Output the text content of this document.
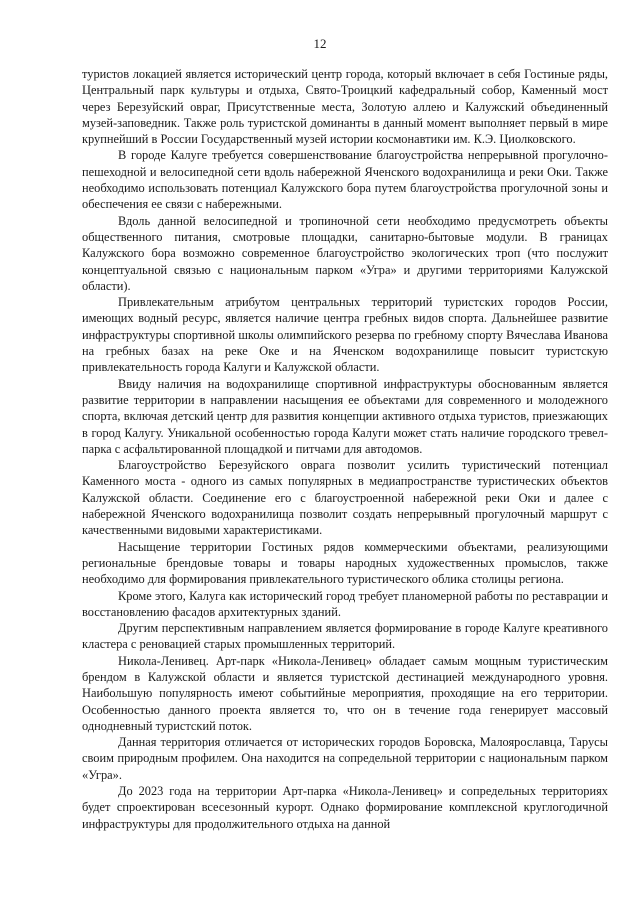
12

туристов локацией является исторический центр города, который включает в себя Гостиные ряды, Центральный парк культуры и отдыха, Свято-Троицкий кафедральный собор, Каменный мост через Березуйский овраг, Присутственные места, Золотую аллею и Калужский объединенный музей-заповедник. Также роль туристской доминанты в данный момент выполняет первый в мире крупнейший в России Государственный музей истории космонавтики им. К.Э. Циолковского.

В городе Калуге требуется совершенствование благоустройства непрерывной прогулочно-пешеходной и велосипедной сети вдоль набережной Яченского водохранилища и реки Оки. Также необходимо использовать потенциал Калужского бора путем благоустройства прогулочной зоны и обеспечения ее связи с набережными.

Вдоль данной велосипедной и тропиночной сети необходимо предусмотреть объекты общественного питания, смотровые площадки, санитарно-бытовые модули. В границах Калужского бора возможно современное благоустройство экологических троп (что послужит концептуальной связью с национальным парком «Угра» и другими территориями Калужской области).

Привлекательным атрибутом центральных территорий туристских городов России, имеющих водный ресурс, является наличие центра гребных видов спорта. Дальнейшее развитие инфраструктуры спортивной школы олимпийского резерва по гребному спорту Вячеслава Иванова на гребных базах на реке Оке и на Яченском водохранилище повысит туристскую привлекательность города Калуги и Калужской области.

Ввиду наличия на водохранилище спортивной инфраструктуры обоснованным является развитие территории в направлении насыщения ее объектами для современного и молодежного спорта, включая детский центр для развития концепции активного отдыха туристов, приезжающих в город Калугу. Уникальной особенностью города Калуги может стать наличие городского тревел-парка с асфальтированной площадкой и питчами для автодомов.

Благоустройство Березуйского оврага позволит усилить туристический потенциал Каменного моста - одного из самых популярных в медиапространстве туристических объектов Калужской области. Соединение его с благоустроенной набережной реки Оки и далее с набережной Яченского водохранилища позволит создать непрерывный прогулочный маршрут с качественными видовыми характеристиками.

Насыщение территории Гостиных рядов коммерческими объектами, реализующими региональные брендовые товары и товары народных художественных промыслов, также необходимо для формирования привлекательного туристического облика столицы региона.

Кроме этого, Калуга как исторический город требует планомерной работы по реставрации и восстановлению фасадов архитектурных зданий.

Другим перспективным направлением является формирование в городе Калуге креативного кластера с реновацией старых промышленных территорий.

Никола-Ленивец. Арт-парк «Никола-Ленивец» обладает самым мощным туристическим брендом в Калужской области и является туристской дестинацией международного уровня. Наибольшую популярность имеют событийные мероприятия, проходящие на его территории. Особенностью данного проекта является то, что он в течение года генерирует массовый однодневный туристский поток.

Данная территория отличается от исторических городов Боровска, Малоярославца, Тарусы своим природным профилем. Она находится на сопредельной территории с национальным парком «Угра».

До 2023 года на территории Арт-парка «Никола-Ленивец» и сопредельных территориях будет спроектирован всесезонный курорт. Однако формирование комплексной круглогодичной инфраструктуры для продолжительного отдыха на данной
